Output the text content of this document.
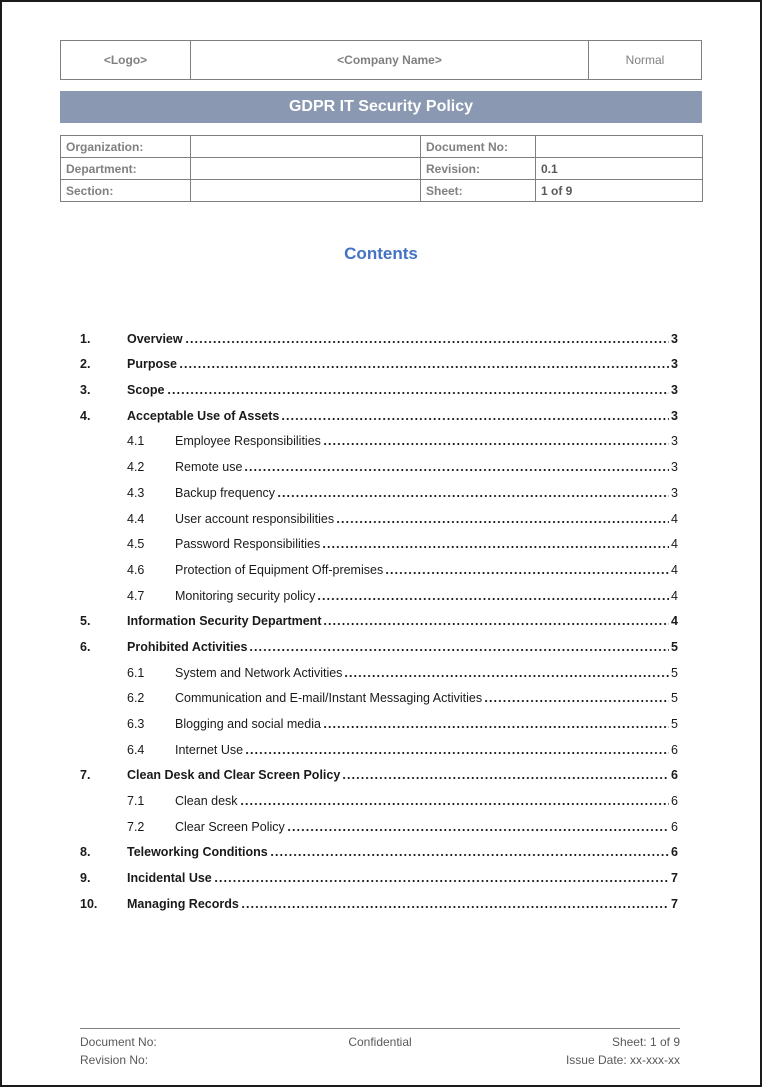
<Logo>	<Company Name>	Normal
GDPR IT Security Policy
Organization:		Document No:	
Department:		Revision:	0.1
Section:		Sheet:	1 of 9
Contents
1.	Overview	3
2.	Purpose	3
3.	Scope	3
4.	Acceptable Use of Assets	3
4.1	Employee Responsibilities	3
4.2	Remote use	3
4.3	Backup frequency	3
4.4	User account responsibilities	4
4.5	Password Responsibilities	4
4.6	Protection of Equipment Off-premises	4
4.7	Monitoring security policy	4
5.	Information Security Department	4
6.	Prohibited Activities	5
6.1	System and Network Activities	5
6.2	Communication and E-mail/Instant Messaging Activities	5
6.3	Blogging and social media	5
6.4	Internet Use	6
7.	Clean Desk and Clear Screen Policy	6
7.1	Clean desk	6
7.2	Clear Screen Policy	6
8.	Teleworking Conditions	6
9.	Incidental Use	7
10.	Managing Records	7
Document No:
Revision No:
Confidential	Sheet: 1 of 9
Issue Date: xx-xxx-xx
